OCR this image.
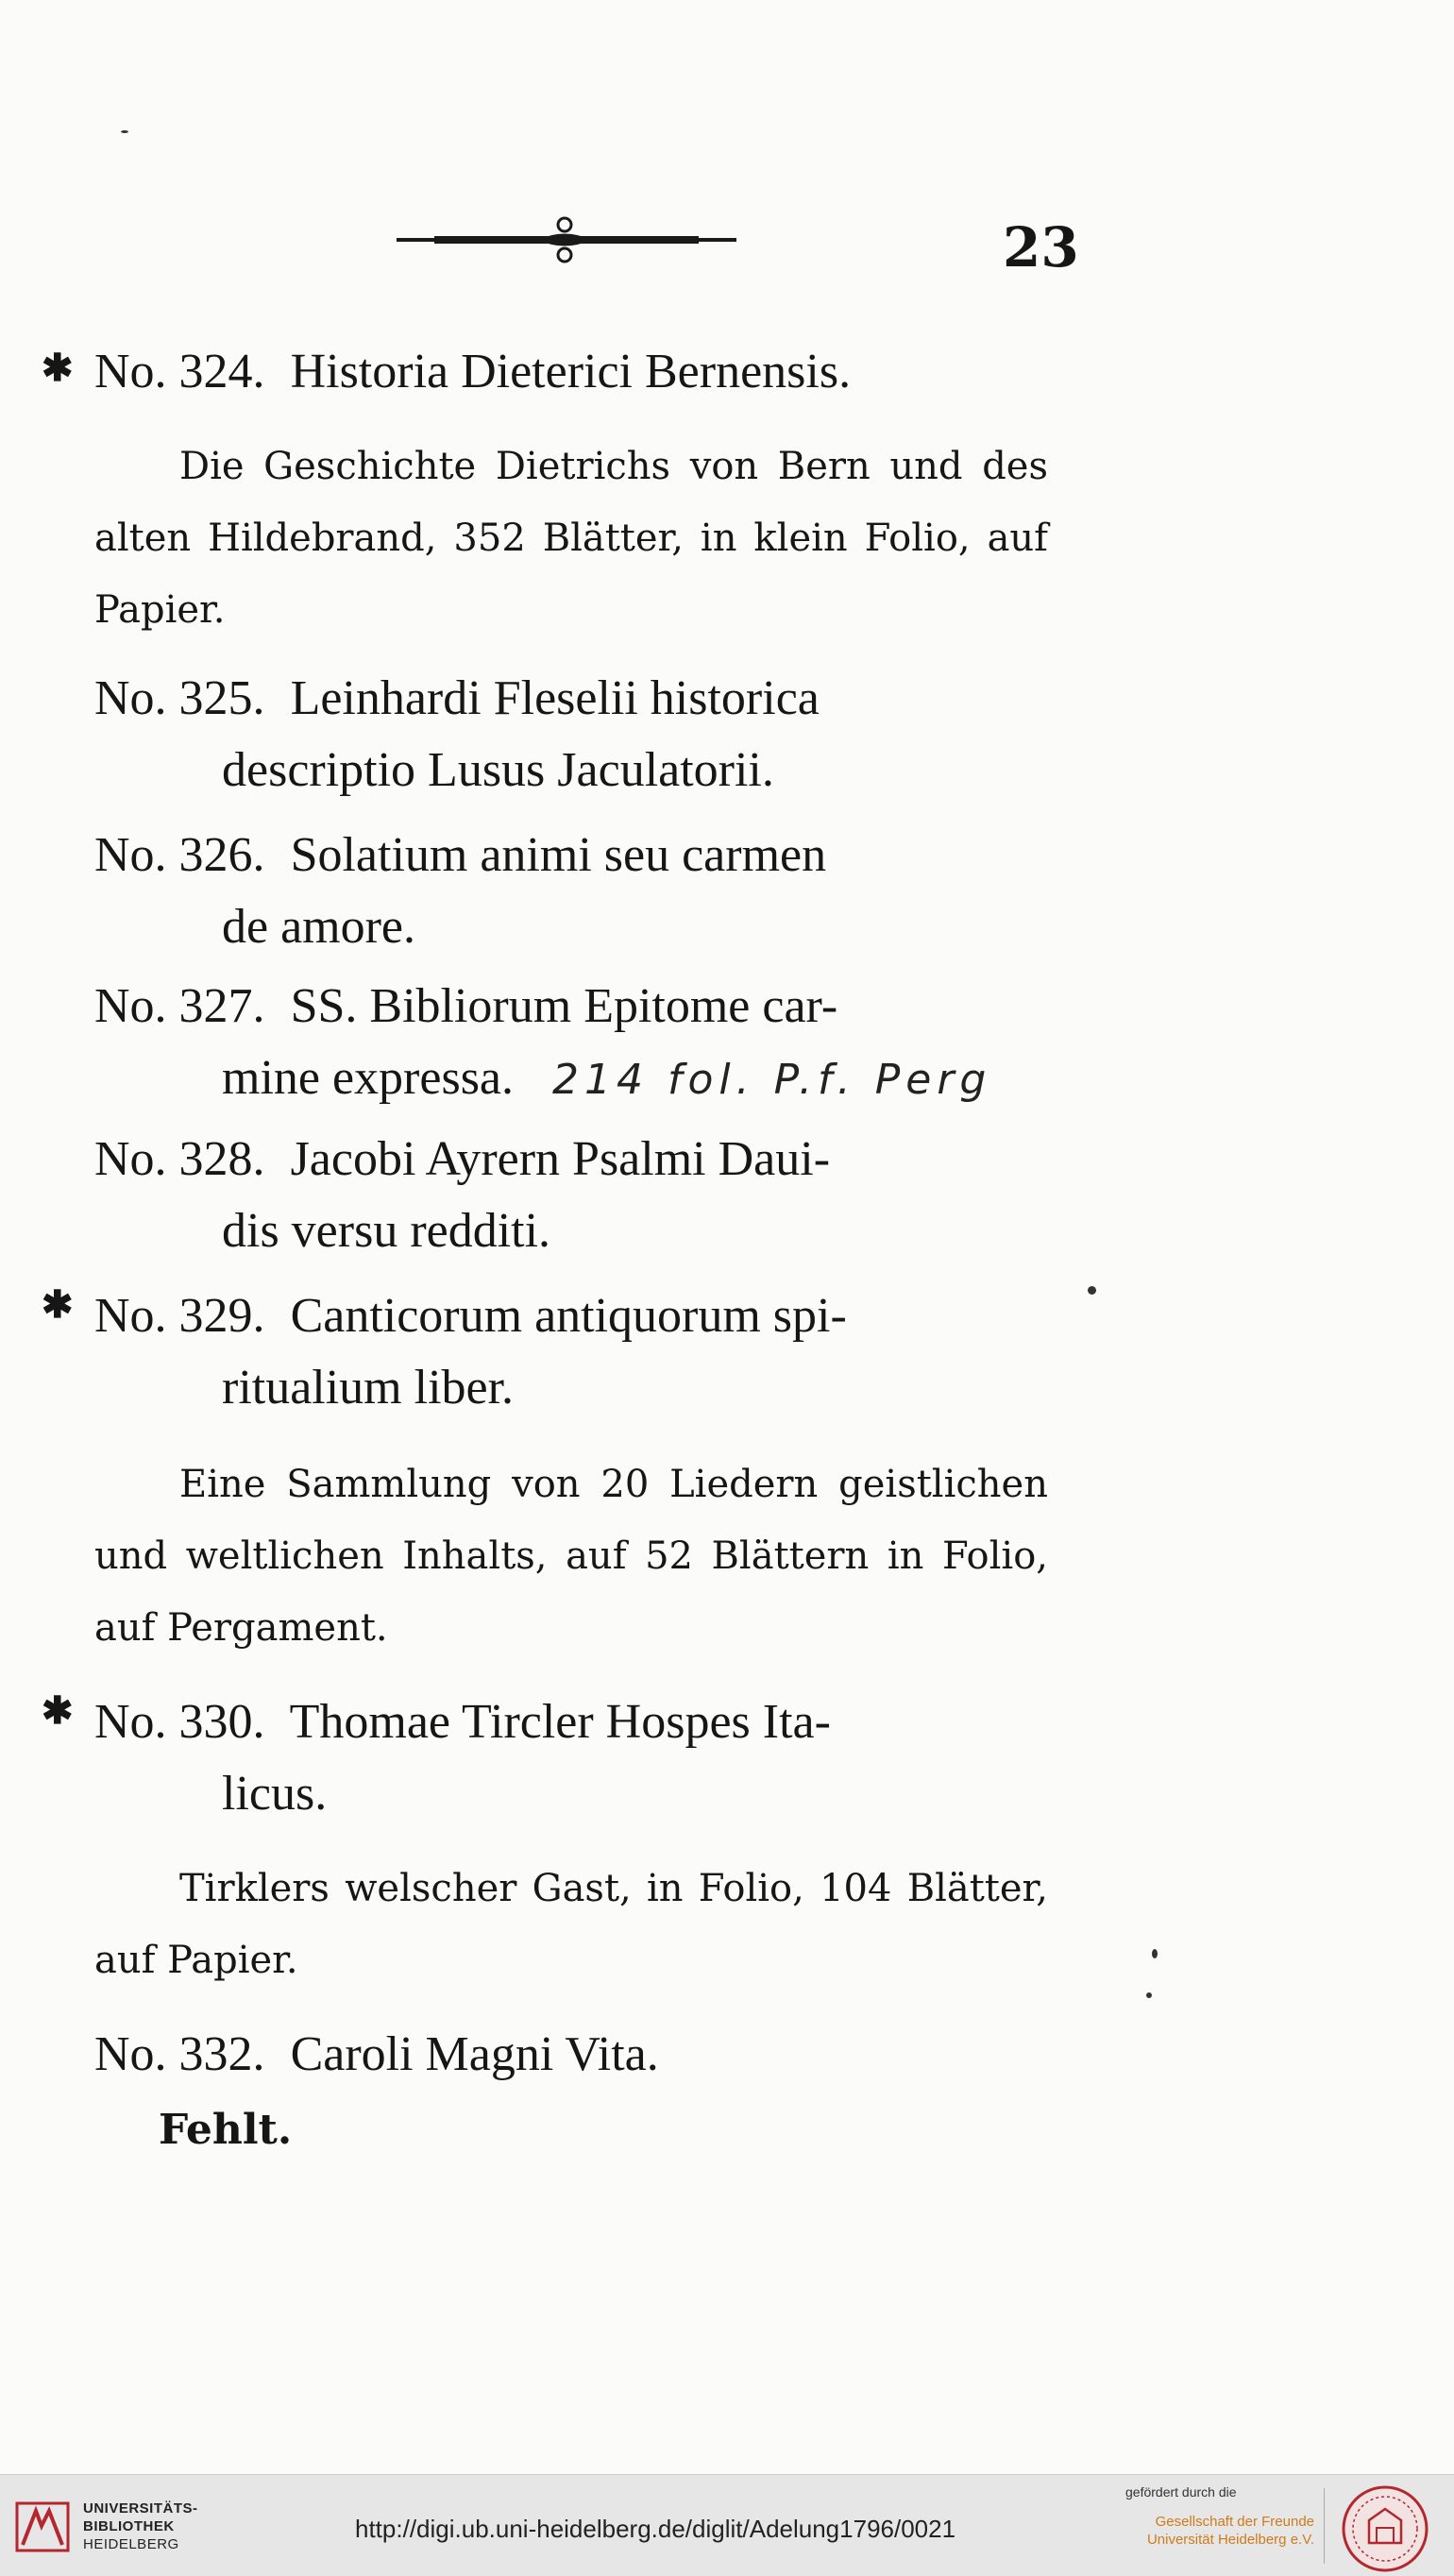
23
✱ No. 324. Historia Dieterici Bernensis.
Die Geschichte Dietrichs von Bern und des alten Hildebrand, 352 Blätter, in klein Folio, auf Papier.
No. 325. Leinhardi Fleselii historica
descriptio Lusus Jaculatorii.
No. 326. Solatium animi seu carmen
de amore.
No. 327. SS. Bibliorum Epitome car-
mine expressa. 214 fol. P.f. Perg
No. 328. Jacobi Ayrern Psalmi Daui-
dis versu redditi.
✱ No. 329. Canticorum antiquorum spi-
ritualium liber.
Eine Sammlung von 20 Liedern geistlichen und weltlichen Inhalts, auf 52 Blättern in Folio, auf Pergament.
✱ No. 330. Thomae Tircler Hospes Ita-
licus.
Tirklers welscher Gast, in Folio, 104 Blätter, auf Papier.
No. 332. Caroli Magni Vita.
Fehlt.
UNIVERSITÄTS-
BIBLIOTHEK
HEIDELBERG
http://digi.ub.uni-heidelberg.de/diglit/Adelung1796/0021
gefördert durch die
Gesellschaft der Freunde
Universität Heidelberg e.V.
